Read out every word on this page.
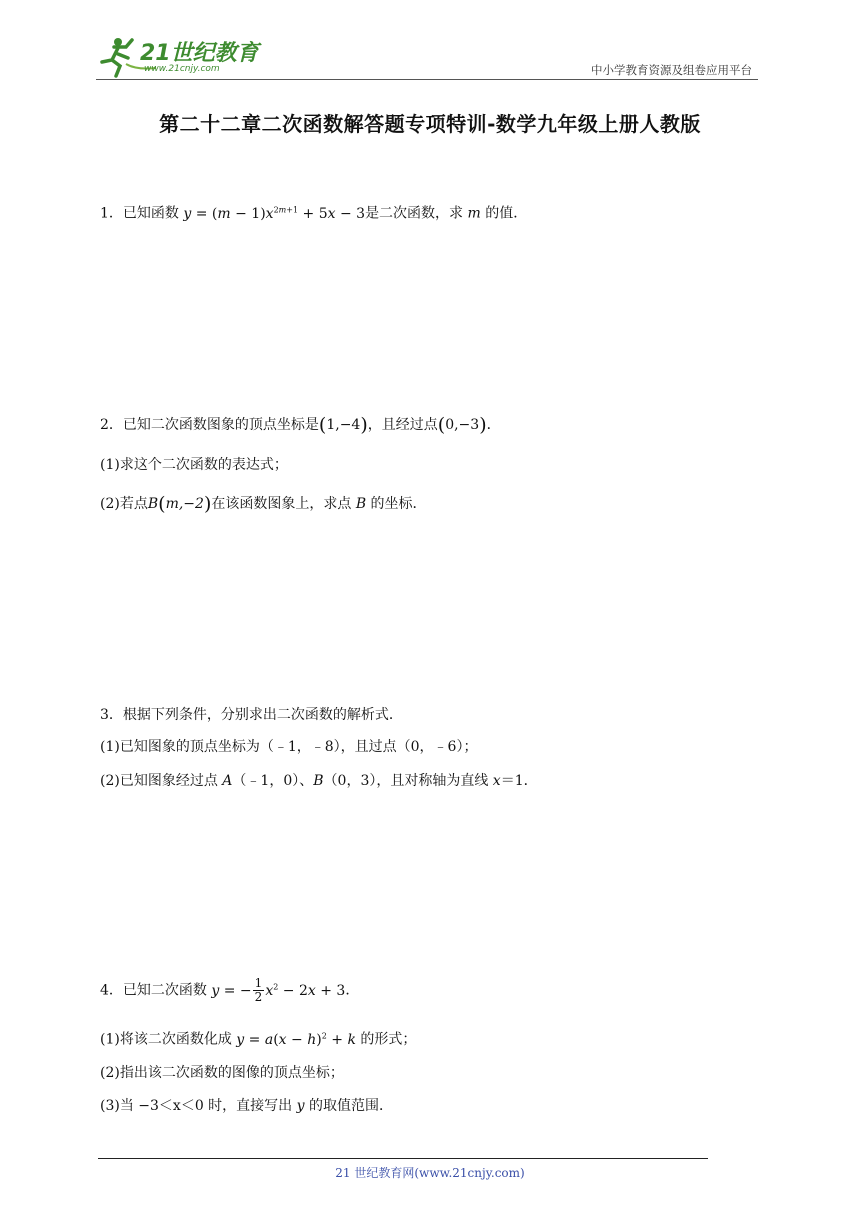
21世纪教育
www.21cnjy.com	中小学教育资源及组卷应用平台
第二十二章二次函数解答题专项特训-数学九年级上册人教版
1．已知函数 $y = (m - 1)x^{2m+1} + 5x - 3$是二次函数，求 m 的值．
2．已知二次函数图象的顶点坐标是(1,−4)，且经过点(0,−3)．
(1)求这个二次函数的表达式；
(2)若点B(m,−2)在该函数图象上，求点 B 的坐标．
3．根据下列条件，分别求出二次函数的解析式．
(1)已知图象的顶点坐标为（﹣1，﹣8），且过点（0，﹣6）；
(2)已知图象经过点 A（﹣1，0）、B（0，3），且对称轴为直线 x＝1．
4．已知二次函数 y = − $\frac{1}{2} x^2 - 2x + 3$．
(1)将该二次函数化成 $y = a(x - h)^2 + k$ 的形式；
(2)指出该二次函数的图像的顶点坐标；
(3)当 −3＜x＜0 时，直接写出 y 的取值范围．
21 世纪教育网(www.21cnjy.com)
